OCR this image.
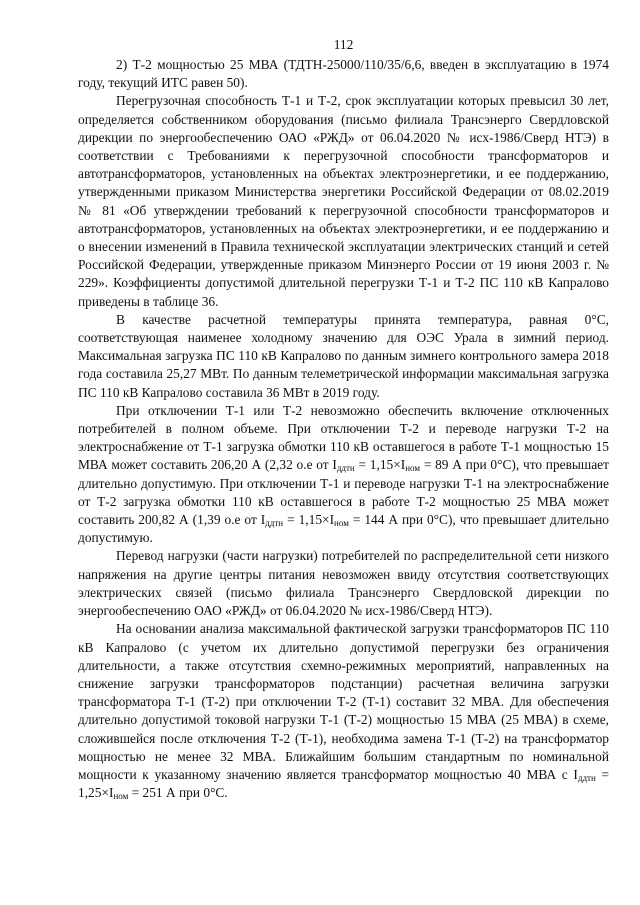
112

2) Т-2 мощностью 25 МВА (ТДТН-25000/110/35/6,6, введен в эксплуатацию в 1974 году, текущий ИТС равен 50).

Перегрузочная способность Т-1 и Т-2, срок эксплуатации которых превысил 30 лет, определяется собственником оборудования (письмо филиала Трансэнерго Свердловской дирекции по энергообеспечению ОАО «РЖД» от 06.04.2020 № исх-1986/Сверд НТЭ) в соответствии с Требованиями к перегрузочной способности трансформаторов и автотрансформаторов, установленных на объектах электроэнергетики, и ее поддержанию, утвержденными приказом Министерства энергетики Российской Федерации от 08.02.2019 № 81 «Об утверждении требований к перегрузочной способности трансформаторов и автотрансформаторов, установленных на объектах электроэнергетики, и ее поддержанию и о внесении изменений в Правила технической эксплуатации электрических станций и сетей Российской Федерации, утвержденные приказом Минэнерго России от 19 июня 2003 г. № 229». Коэффициенты допустимой длительной перегрузки Т-1 и Т-2 ПС 110 кВ Капралово приведены в таблице 36.

В качестве расчетной температуры принята температура, равная 0°С, соответствующая наименее холодному значению для ОЭС Урала в зимний период. Максимальная загрузка ПС 110 кВ Капралово по данным зимнего контрольного замера 2018 года составила 25,27 МВт. По данным телеметрической информации максимальная загрузка ПС 110 кВ Капралово составила 36 МВт в 2019 году.

При отключении Т-1 или Т-2 невозможно обеспечить включение отключенных потребителей в полном объеме. При отключении Т-2 и переводе нагрузки Т-2 на электроснабжение от Т-1 загрузка обмотки 110 кВ оставшегося в работе Т-1 мощностью 15 МВА может составить 206,20 А (2,32 о.е от $I_{ддтн} = 1,15\times I_{ном} = 89$ А при 0°С), что превышает длительно допустимую. При отключении Т-1 и переводе нагрузки Т-1 на электроснабжение от Т-2 загрузка обмотки 110 кВ оставшегося в работе Т-2 мощностью 25 МВА может составить 200,82 А (1,39 о.е от $I_{ддтн} = 1,15\times I_{ном} = 144$ А при 0°С), что превышает длительно допустимую.

Перевод нагрузки (части нагрузки) потребителей по распределительной сети низкого напряжения на другие центры питания невозможен ввиду отсутствия соответствующих электрических связей (письмо филиала Трансэнерго Свердловской дирекции по энергообеспечению ОАО «РЖД» от 06.04.2020 № исх-1986/Сверд НТЭ).

На основании анализа максимальной фактической загрузки трансформаторов ПС 110 кВ Капралово (с учетом их длительно допустимой перегрузки без ограничения длительности, а также отсутствия схемно-режимных мероприятий, направленных на снижение загрузки трансформаторов подстанции) расчетная величина загрузки трансформатора Т-1 (Т-2) при отключении Т-2 (Т-1) составит 32 МВА. Для обеспечения длительно допустимой токовой нагрузки Т-1 (Т-2) мощностью 15 МВА (25 МВА) в схеме, сложившейся после отключения Т-2 (Т-1), необходима замена Т-1 (Т-2) на трансформатор мощностью не менее 32 МВА. Ближайшим большим стандартным по номинальной мощности к указанному значению является трансформатор мощностью 40 МВА с $I_{ддтн} = 1,25\times I_{ном} = 251$ А при 0°С.
